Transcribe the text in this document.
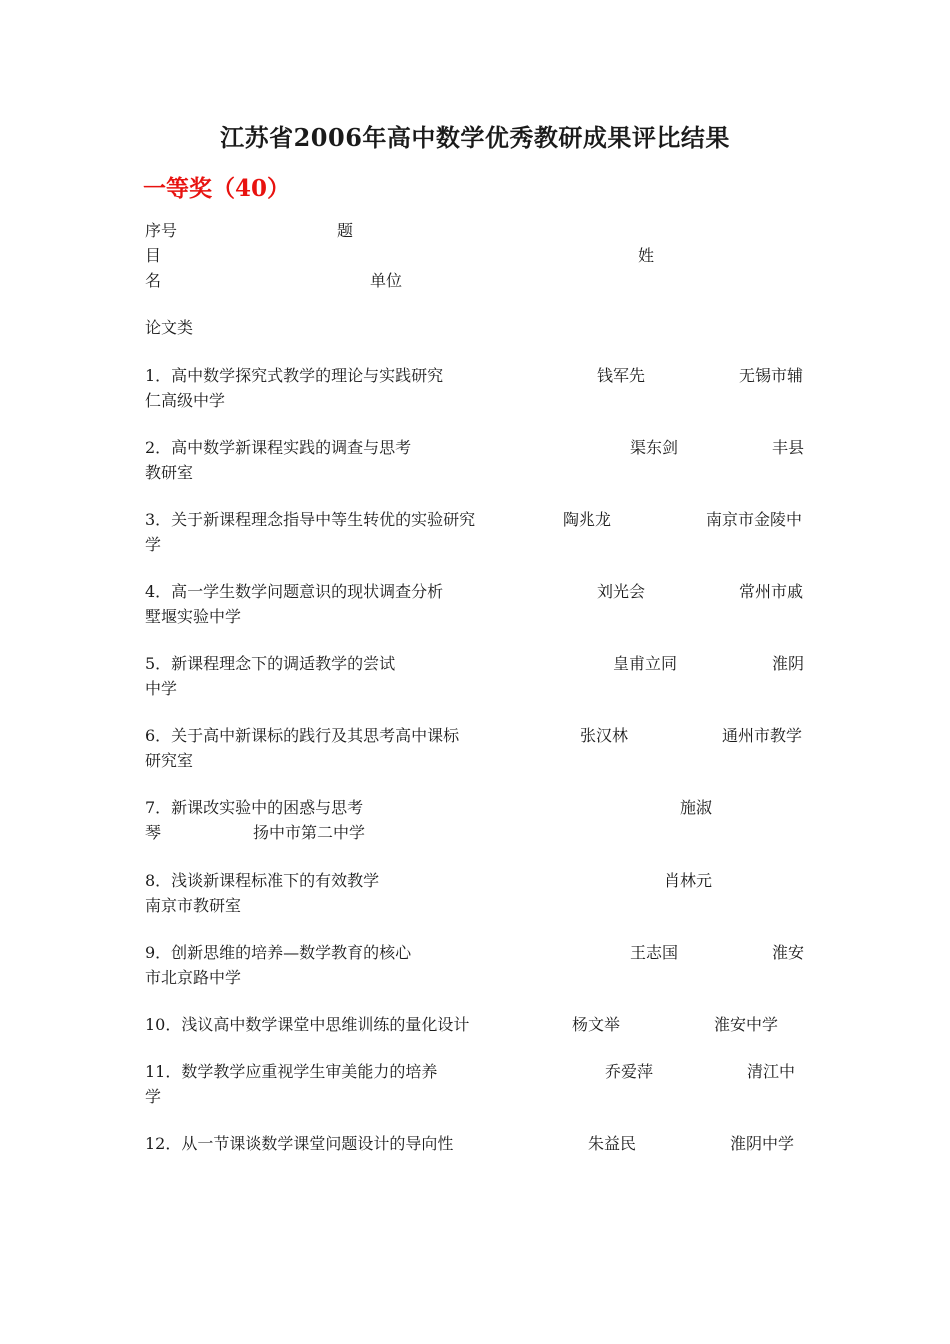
江苏省2006年高中数学优秀教研成果评比结果
一等奖（40）
序号	题
目	姓
名	单位
论文类
1．高中数学探究式教学的理论与实践研究	钱军先	无锡市辅
仁高级中学
2．高中数学新课程实践的调查与思考	渠东剑	丰县
教研室
3．关于新课程理念指导中等生转优的实验研究	陶兆龙	南京市金陵中
学
4．高一学生数学问题意识的现状调查分析	刘光会	常州市戚
墅堰实验中学
5．新课程理念下的调适教学的尝试	皇甫立同	淮阴
中学
6．关于高中新课标的践行及其思考高中课标	张汉林	通州市教学
研究室
7．新课改实验中的困惑与思考	施淑
琴	扬中市第二中学
8．浅谈新课程标准下的有效教学	肖林元
南京市教研室
9．创新思维的培养—数学教育的核心	王志国	淮安
市北京路中学
10．浅议高中数学课堂中思维训练的量化设计	杨文举	淮安中学
11．数学教学应重视学生审美能力的培养	乔爱萍	清江中
学
12．从一节课谈数学课堂问题设计的导向性	朱益民	淮阴中学
